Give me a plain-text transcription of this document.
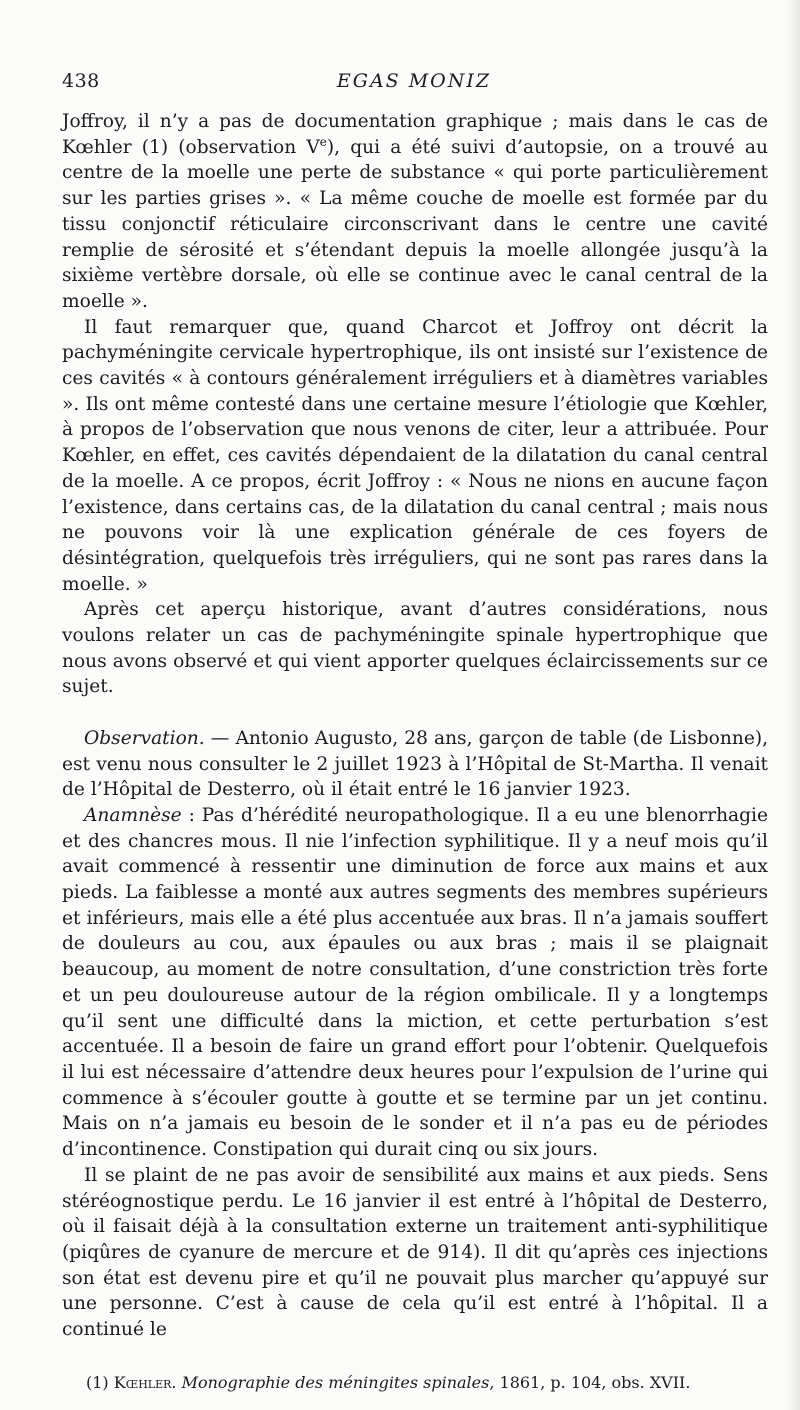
438	EGAS MONIZ

Joffroy, il n’y a pas de documentation graphique ; mais dans le cas de Kœhler (1) (observation Ve), qui a été suivi d’autopsie, on a trouvé au centre de la moelle une perte de substance « qui porte particulièrement sur les parties grises ». « La même couche de moelle est formée par du tissu conjonctif réticulaire circonscrivant dans le centre une cavité remplie de sérosité et s’étendant depuis la moelle allongée jusqu’à la sixième vertèbre dorsale, où elle se continue avec le canal central de la moelle ».

Il faut remarquer que, quand Charcot et Joffroy ont décrit la pachyméningite cervicale hypertrophique, ils ont insisté sur l’existence de ces cavités « à contours généralement irréguliers et à diamètres variables ». Ils ont même contesté dans une certaine mesure l’étiologie que Kœhler, à propos de l’observation que nous venons de citer, leur a attribuée. Pour Kœhler, en effet, ces cavités dépendaient de la dilatation du canal central de la moelle. A ce propos, écrit Joffroy : « Nous ne nions en aucune façon l’existence, dans certains cas, de la dilatation du canal central ; mais nous ne pouvons voir là une explication générale de ces foyers de désintégration, quelquefois très irréguliers, qui ne sont pas rares dans la moelle. »

Après cet aperçu historique, avant d’autres considérations, nous voulons relater un cas de pachyméningite spinale hypertrophique que nous avons observé et qui vient apporter quelques éclaircissements sur ce sujet.

Observation. — Antonio Augusto, 28 ans, garçon de table (de Lisbonne), est venu nous consulter le 2 juillet 1923 à l’Hôpital de St-Martha. Il venait de l’Hôpital de Desterro, où il était entré le 16 janvier 1923.

Anamnèse : Pas d’hérédité neuropathologique. Il a eu une blenorrhagie et des chancres mous. Il nie l’infection syphilitique. Il y a neuf mois qu’il avait commencé à ressentir une diminution de force aux mains et aux pieds. La faiblesse a monté aux autres segments des membres supérieurs et inférieurs, mais elle a été plus accentuée aux bras. Il n’a jamais souffert de douleurs au cou, aux épaules ou aux bras ; mais il se plaignait beaucoup, au moment de notre consultation, d’une constriction très forte et un peu douloureuse autour de la région ombilicale. Il y a longtemps qu’il sent une difficulté dans la miction, et cette perturbation s’est accentuée. Il a besoin de faire un grand effort pour l’obtenir. Quelquefois il lui est nécessaire d’attendre deux heures pour l’expulsion de l’urine qui commence à s’écouler goutte à goutte et se termine par un jet continu. Mais on n’a jamais eu besoin de le sonder et il n’a pas eu de périodes d’incontinence. Constipation qui durait cinq ou six jours.

Il se plaint de ne pas avoir de sensibilité aux mains et aux pieds. Sens stéréognostique perdu. Le 16 janvier il est entré à l’hôpital de Desterro, où il faisait déjà à la consultation externe un traitement anti-syphilitique (piqûres de cyanure de mercure et de 914). Il dit qu’après ces injections son état est devenu pire et qu’il ne pouvait plus marcher qu’appuyé sur une personne. C’est à cause de cela qu’il est entré à l’hôpital. Il a continué le

(1) Kœhler. Monographie des méningites spinales, 1861, p. 104, obs. XVII.
